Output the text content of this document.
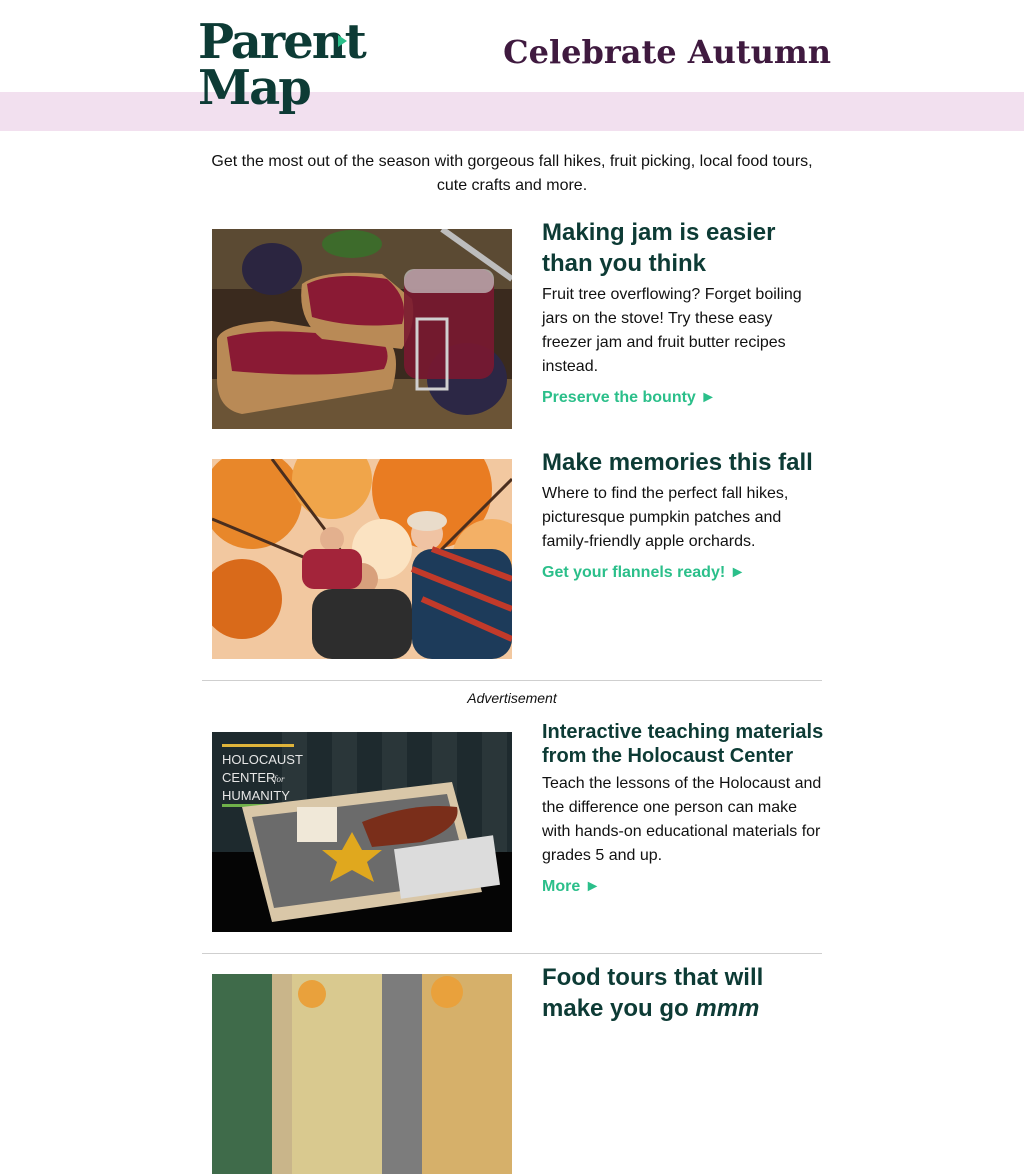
Parent
Map
Celebrate Autumn
Get the most out of the season with gorgeous fall hikes, fruit picking, local food tours, cute crafts and more.
Making jam is easier than you think

Fruit tree overflowing? Forget boiling jars on the stove! Try these easy freezer jam and fruit butter recipes instead.

Preserve the bounty ►
Make memories this fall

Where to find the perfect fall hikes, picturesque pumpkin patches and family-friendly apple orchards.

Get your flannels ready! ►
Advertisement
HOLOCAUST
CENTER
for
HUMANITY
Interactive teaching materials from the Holocaust Center

Teach the lessons of the Holocaust and the difference one person can make with hands-on educational materials for grades 5 and up.

More ►
Food tours that will make you go mmm
